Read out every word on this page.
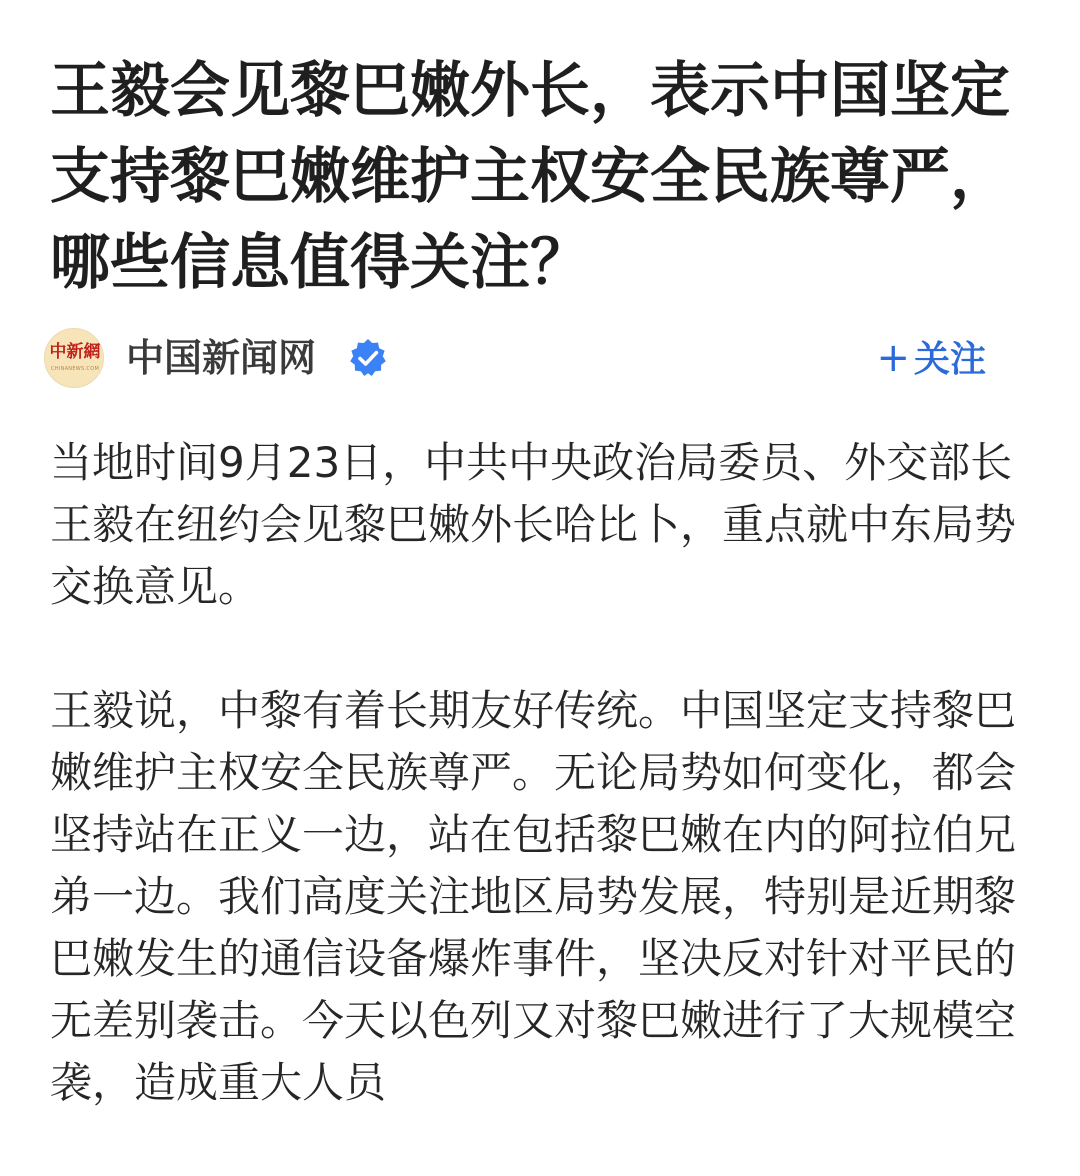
王毅会见黎巴嫩外长，表示中国坚定支持黎巴嫩维护主权安全民族尊严，哪些信息值得关注？
中新網
CHINANEWS.COM 中国新闻网	+ 关注

当地时间9月23日，中共中央政治局委员、外交部长王毅在纽约会见黎巴嫩外长哈比卜，重点就中东局势交换意见。

王毅说，中黎有着长期友好传统。中国坚定支持黎巴嫩维护主权安全民族尊严。无论局势如何变化，都会坚持站在正义一边，站在包括黎巴嫩在内的阿拉伯兄弟一边。我们高度关注地区局势发展，特别是近期黎巴嫩发生的通信设备爆炸事件，坚决反对针对平民的无差别袭击。今天以色列又对黎巴嫩进行了大规模空袭，造成重大人员
